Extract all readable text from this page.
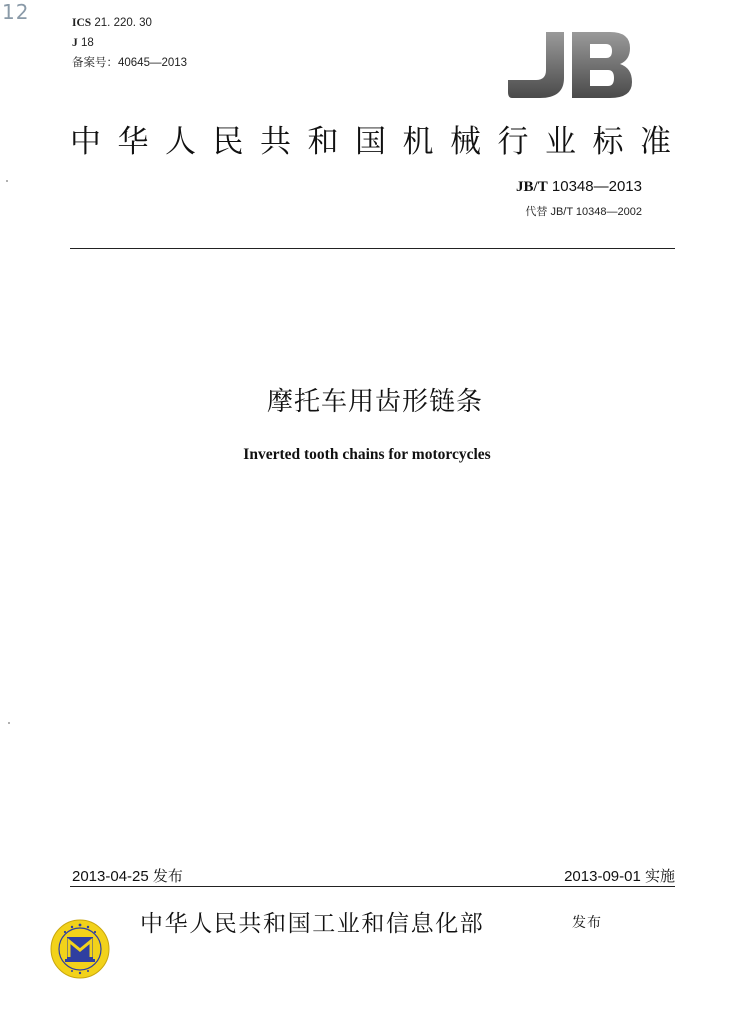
12	ICS 21. 220. 30
J 18
备案号：40645—2013
中华人民共和国机械行业标准
JB/T 10348—2013
代替 JB/T 10348—2002
摩托车用齿形链条
Inverted tooth chains for motorcycles
2013-04-25 发布	2013-09-01 实施
中华人民共和国工业和信息化部	发布
